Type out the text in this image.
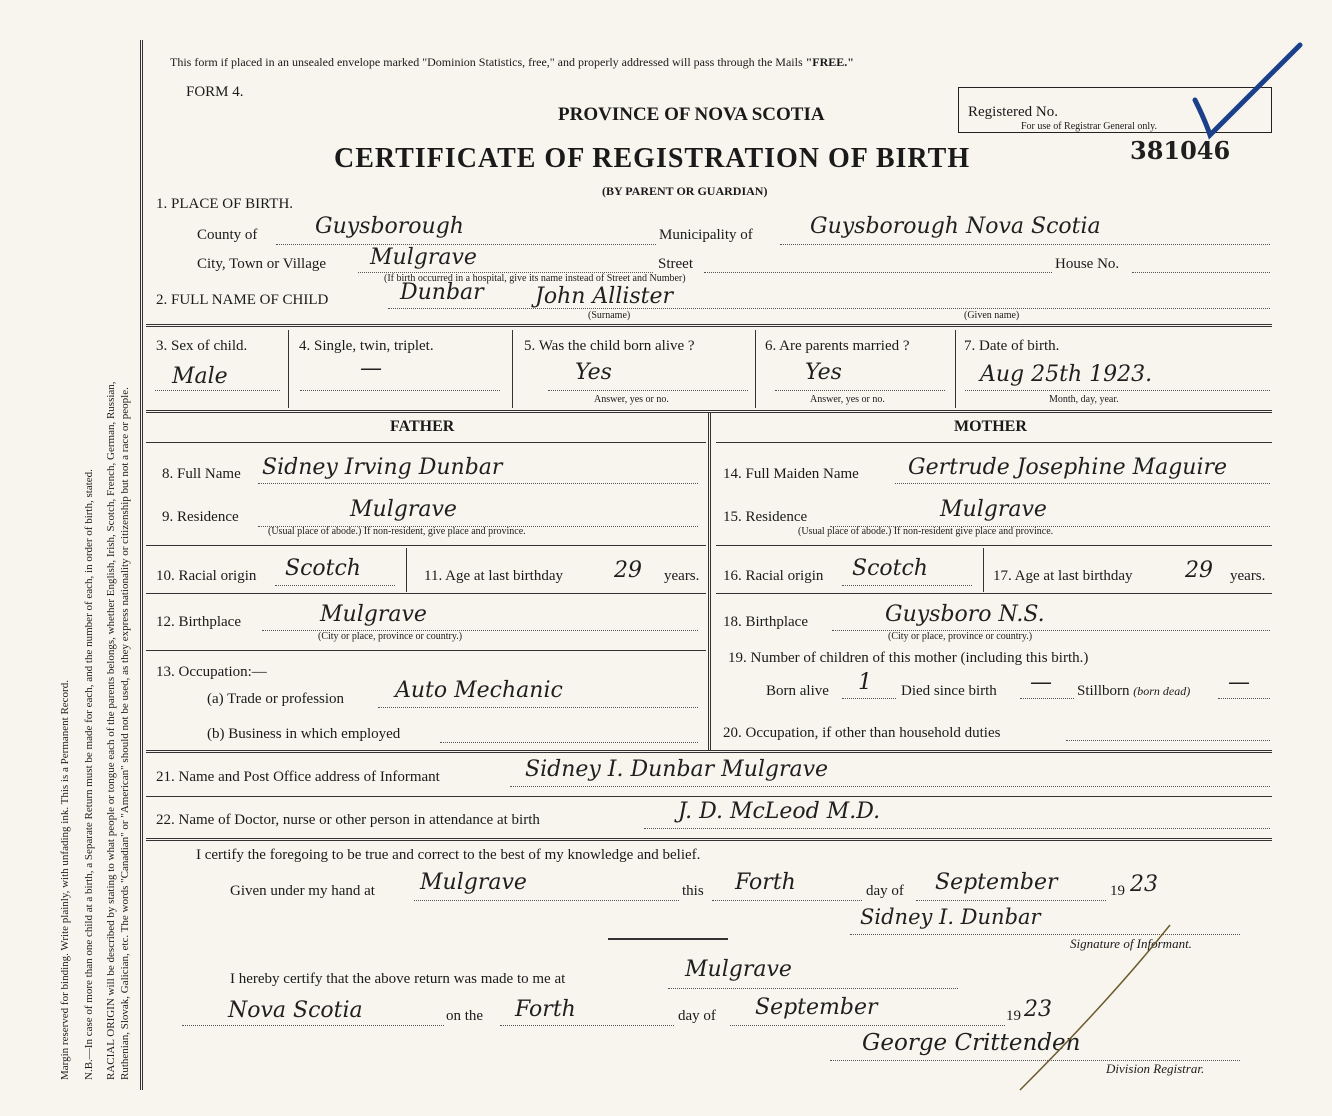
Margin reserved for binding. Write plainly, with unfading ink. This is a Permanent Record. N.B.—In case of more than one child at a birth, a Separate Return must be made for each, and the number of each, in order of birth, stated. RACIAL ORIGIN will be described by stating to what people or tongue each of the parents belongs, whether English, Irish, Scotch, French, German, Russian, Ruthenian, Slovak, Galician, etc. The words "Canadian" or "American" should not be used, as they express nationality or citizenship but not a race or people.
This form if placed in an unsealed envelope marked "Dominion Statistics, free," and properly addressed will pass through the Mails "FREE."
FORM 4.
PROVINCE OF NOVA SCOTIA
CERTIFICATE OF REGISTRATION OF BIRTH
(BY PARENT OR GUARDIAN)
Registered No.
For use of Registrar General only.
381046
1. PLACE OF BIRTH.
County of	Guysborough	Municipality of	Guysborough Nova Scotia
City, Town or Village Mulgrave	Street	House No.
(If birth occurred in a hospital, give its name instead of Street and Number)
2. FULL NAME OF CHILD	Dunbar John Allister
(Surname)	(Given name)
3. Sex of child.
Male
4. Single, twin, triplet.
—
5. Was the child born alive ?
Yes
Answer, yes or no.
6. Are parents married ?
Yes
Answer, yes or no.
7. Date of birth.
Aug 25th 1923.
Month, day, year.
FATHER	MOTHER
8. Full Name Sidney Irving Dunbar
9. Residence	Mulgrave
(Usual place of abode.) If non-resident, give place and province.
10. Racial origin Scotch	11. Age at last birthday 29 years.
12. Birthplace	Mulgrave
(City or place, province or country.)
13. Occupation:—
(a) Trade or profession Auto Mechanic
(b) Business in which employed
14. Full Maiden Name Gertrude Josephine Maguire
15. Residence	Mulgrave
(Usual place of abode.) If non-resident give place and province.
16. Racial origin Scotch	17. Age at last birthday 29 years.
18. Birthplace	Guysboro N.S.
(City or place, province or country.)
19. Number of children of this mother (including this birth.)
Born alive 1 Died since birth — Stillborn (born dead) —
20. Occupation, if other than household duties
21. Name and Post Office address of Informant	Sidney I. Dunbar Mulgrave
22. Name of Doctor, nurse or other person in attendance at birth	J. D. McLeod M.D.
I certify the foregoing to be true and correct to the best of my knowledge and belief.
Given under my hand at Mulgrave	this Forth	day of September	19 23
Sidney I. Dunbar
Signature of Informant.
I hereby certify that the above return was made to me at	Mulgrave
Nova Scotia	on the Forth	day of September	19 23
George Crittenden
Division Registrar.
